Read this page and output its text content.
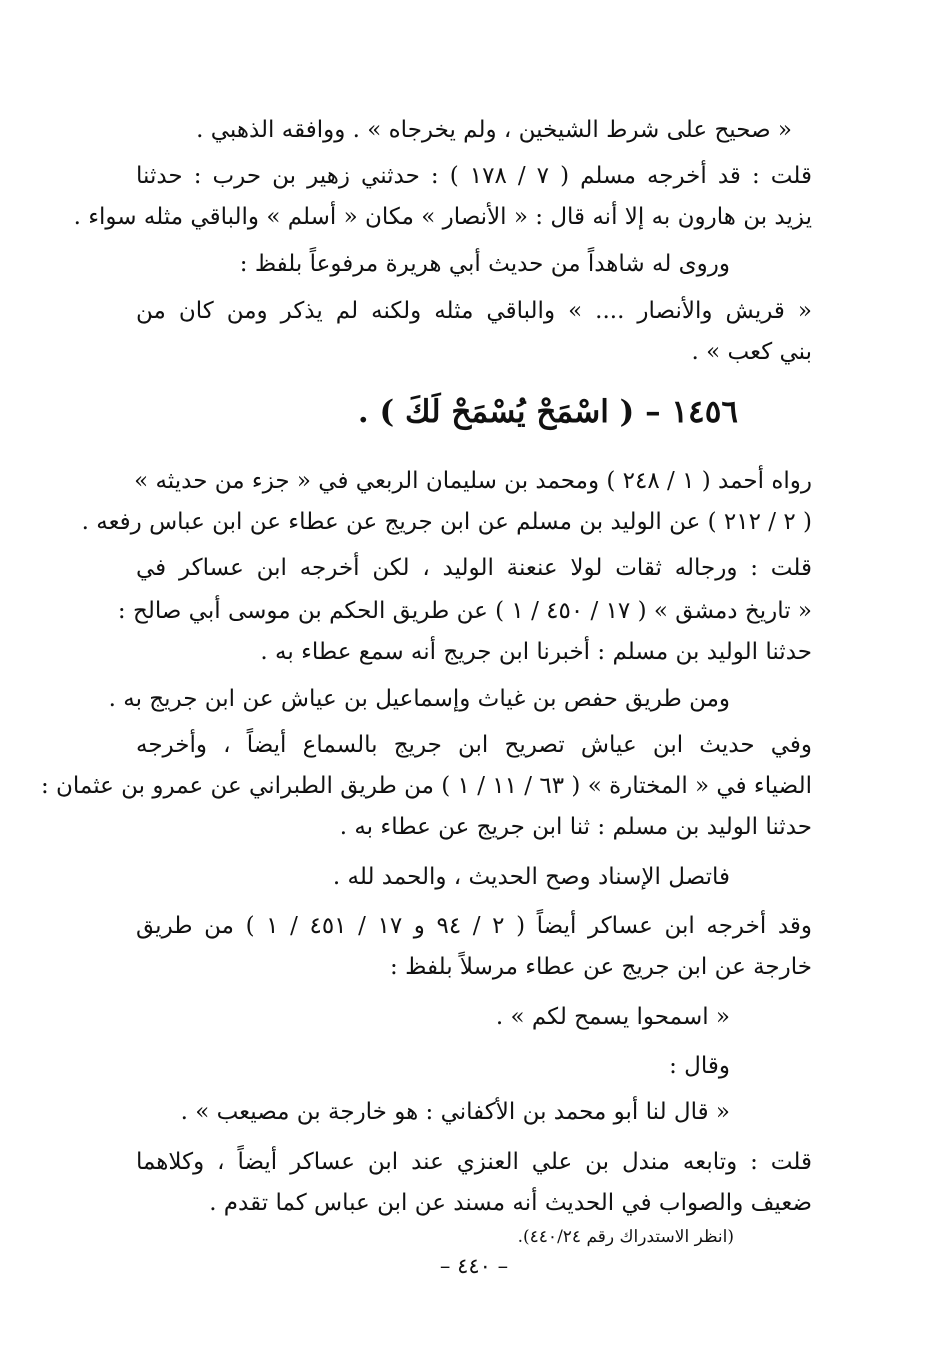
« صحيح على شرط الشيخين ، ولم يخرجاه » . ووافقه الذهبي .
قلت : قد أخرجه مسلم ( ٧ / ١٧٨ ) : حدثني زهير بن حرب : حدثنا
يزيد بن هارون به إلا أنه قال : « الأنصار » مكان « أسلم » والباقي مثله سواء .
وروى له شاهداً من حديث أبي هريرة مرفوعاً بلفظ :
« قريش والأنصار .... » والباقي مثله ولكنه لم يذكر ومن كان من
بني كعب » .
١٤٥٦ – ( اسْمَحْ يُسْمَحْ لَكَ ) .
رواه أحمد ( ١ / ٢٤٨ ) ومحمد بن سليمان الربعي في « جزء من حديثه »
( ٢ / ٢١٢ ) عن الوليد بن مسلم عن ابن جريج عن عطاء عن ابن عباس رفعه .
قلت : ورجاله ثقات لولا عنعنة الوليد ، لكن أخرجه ابن عساكر في
« تاريخ دمشق » ( ١٧ / ٤٥٠ / ١ ) عن طريق الحكم بن موسى أبي صالح :
حدثنا الوليد بن مسلم : أخبرنا ابن جريج أنه سمع عطاء به .
ومن طريق حفص بن غياث وإسماعيل بن عياش عن ابن جريج به .
وفي حديث ابن عياش تصريح ابن جريج بالسماع أيضاً ، وأخرجه
الضياء في « المختارة » ( ٦٣ / ١١ / ١ ) من طريق الطبراني عن عمرو بن عثمان :
حدثنا الوليد بن مسلم : ثنا ابن جريج عن عطاء به .
فاتصل الإسناد وصح الحديث ، والحمد لله .
وقد أخرجه ابن عساكر أيضاً ( ٢ / ٩٤ و ١٧ / ٤٥١ / ١ ) من طريق
خارجة عن ابن جريج عن عطاء مرسلاً بلفظ :
« اسمحوا يسمح لكم » .
وقال :
« قال لنا أبو محمد بن الأكفاني : هو خارجة بن مصيعب » .
قلت : وتابعه مندل بن علي العنزي عند ابن عساكر أيضاً ، وكلاهما
ضعيف والصواب في الحديث أنه مسند عن ابن عباس كما تقدم .
(انظر الاستدراك رقم ٤٤٠/٢٤).
– ٤٤٠ –
